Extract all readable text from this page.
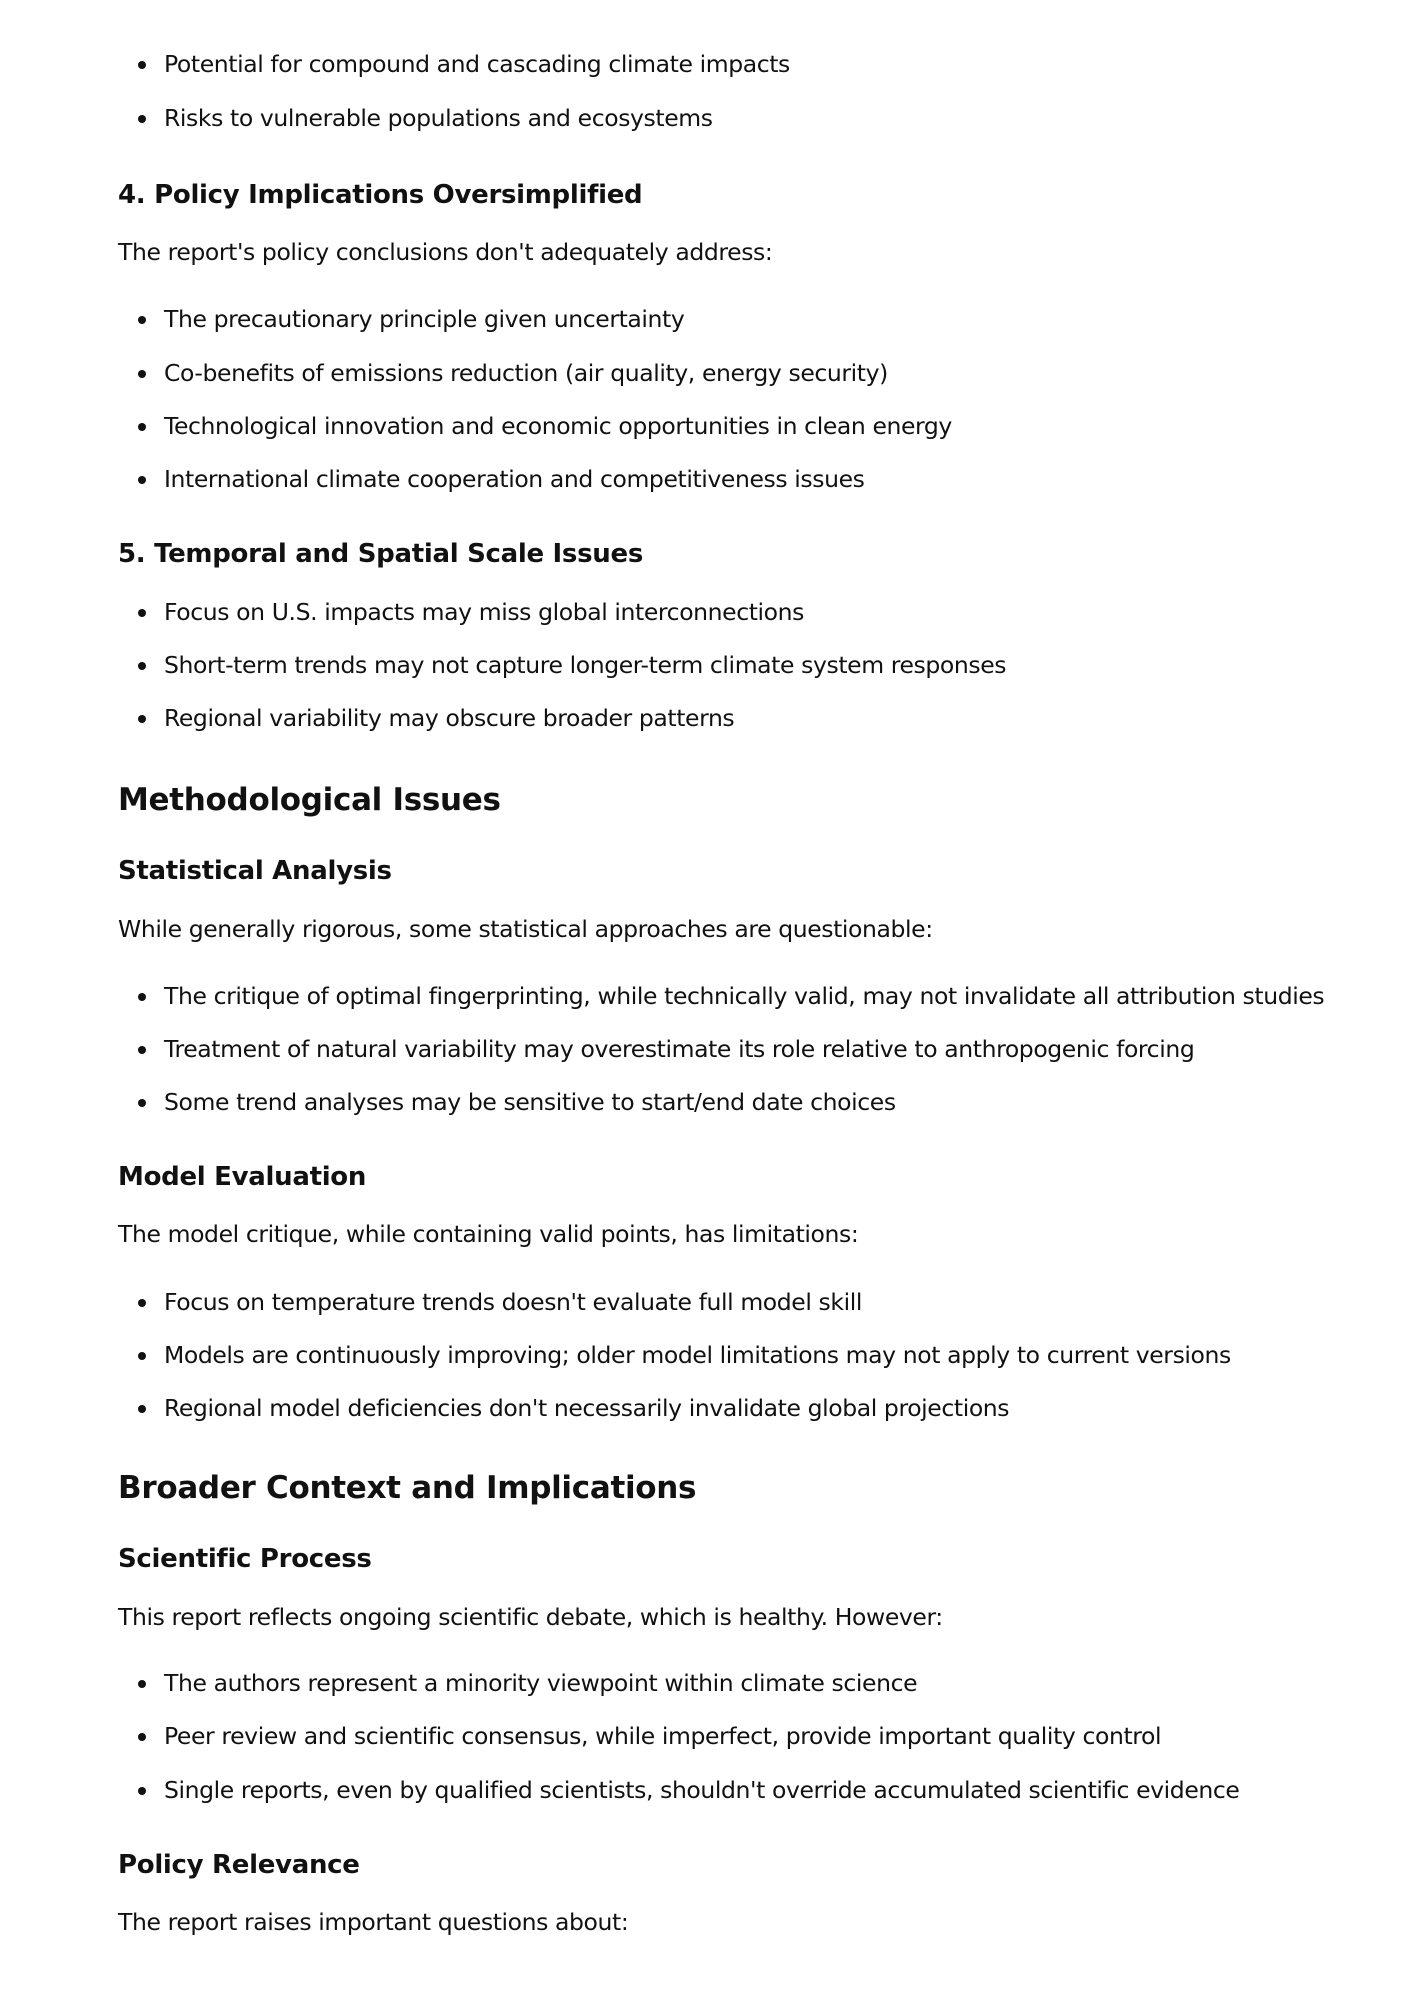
Potential for compound and cascading climate impacts
Risks to vulnerable populations and ecosystems
4. Policy Implications Oversimplified

The report's policy conclusions don't adequately address:

The precautionary principle given uncertainty
Co-benefits of emissions reduction (air quality, energy security)
Technological innovation and economic opportunities in clean energy
International climate cooperation and competitiveness issues
5. Temporal and Spatial Scale Issues
Focus on U.S. impacts may miss global interconnections
Short-term trends may not capture longer-term climate system responses
Regional variability may obscure broader patterns
Methodological Issues
Statistical Analysis

While generally rigorous, some statistical approaches are questionable:

The critique of optimal fingerprinting, while technically valid, may not invalidate all attribution studies
Treatment of natural variability may overestimate its role relative to anthropogenic forcing
Some trend analyses may be sensitive to start/end date choices
Model Evaluation

The model critique, while containing valid points, has limitations:

Focus on temperature trends doesn't evaluate full model skill
Models are continuously improving; older model limitations may not apply to current versions
Regional model deficiencies don't necessarily invalidate global projections
Broader Context and Implications
Scientific Process

This report reflects ongoing scientific debate, which is healthy. However:

The authors represent a minority viewpoint within climate science
Peer review and scientific consensus, while imperfect, provide important quality control
Single reports, even by qualified scientists, shouldn't override accumulated scientific evidence
Policy Relevance

The report raises important questions about:
